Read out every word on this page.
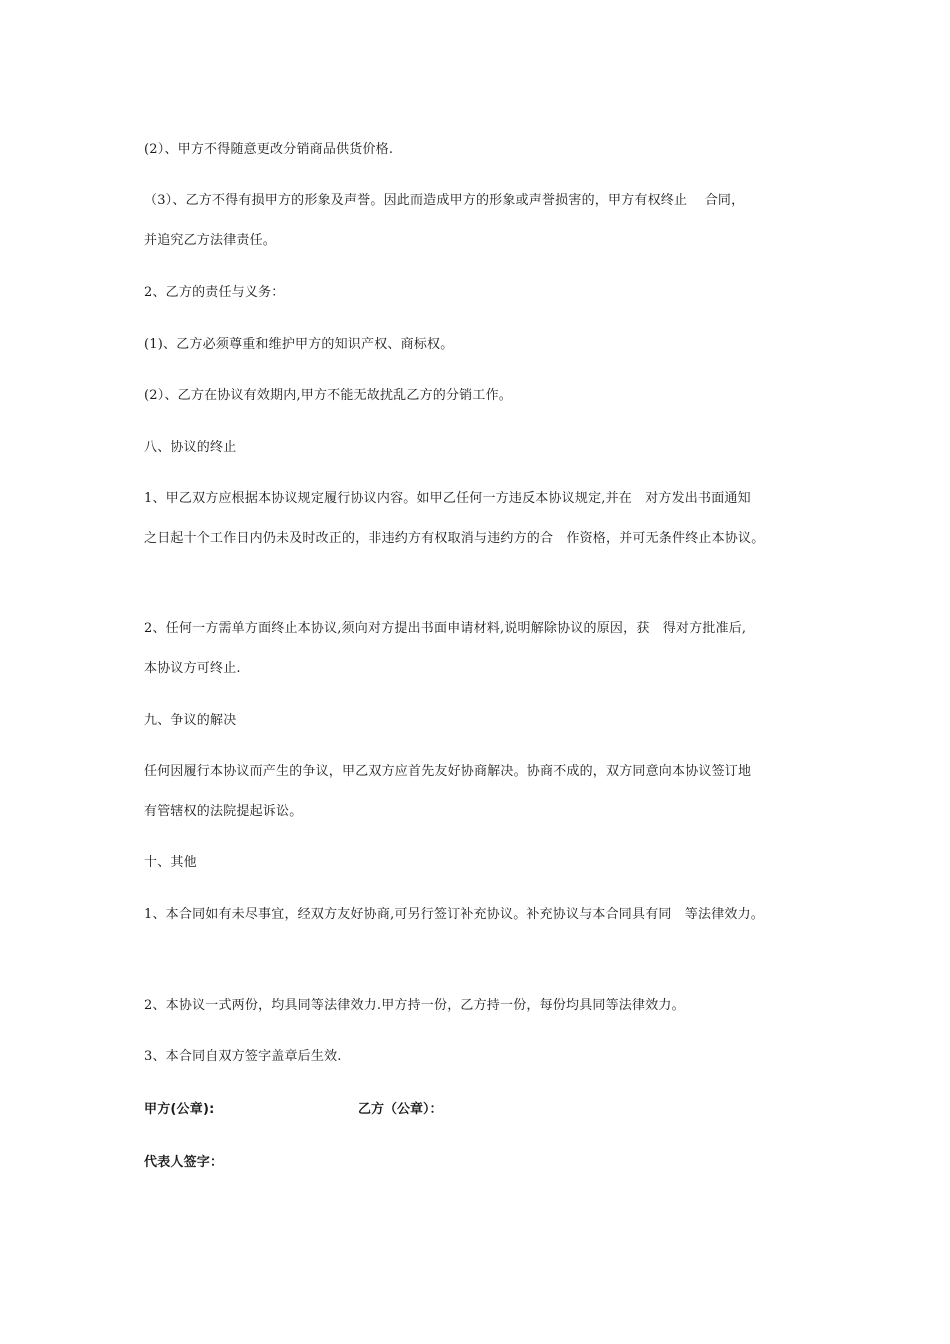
(2）、甲方不得随意更改分销商品供货价格.
（3）、乙方不得有损甲方的形象及声誉。因此而造成甲方的形象或声誉损害的，甲方有权终止　 合同，
并追究乙方法律责任。
2、乙方的责任与义务：
(1)、乙方必须尊重和维护甲方的知识产权、商标权。
(2）、乙方在协议有效期内,甲方不能无故扰乱乙方的分销工作。
八、协议的终止
1、甲乙双方应根据本协议规定履行协议内容。如甲乙任何一方违反本协议规定,并在　对方发出书面通知
之日起十个工作日内仍未及时改正的，非违约方有权取消与违约方的合　作资格，并可无条件终止本协议。
2、任何一方需单方面终止本协议,须向对方提出书面申请材料,说明解除协议的原因，获　得对方批准后,
本协议方可终止.
九、争议的解决
任何因履行本协议而产生的争议，甲乙双方应首先友好协商解决。协商不成的，双方同意向本协议签订地
有管辖权的法院提起诉讼。
十、其他
1、本合同如有未尽事宜，经双方友好协商,可另行签订补充协议。补充协议与本合同具有同　等法律效力。
2、本协议一式两份，均具同等法律效力.甲方持一份，乙方持一份，每份均具同等法律效力。
3、本合同自双方签字盖章后生效.
甲方(公章):	乙方（公章）：
代表人签字：
